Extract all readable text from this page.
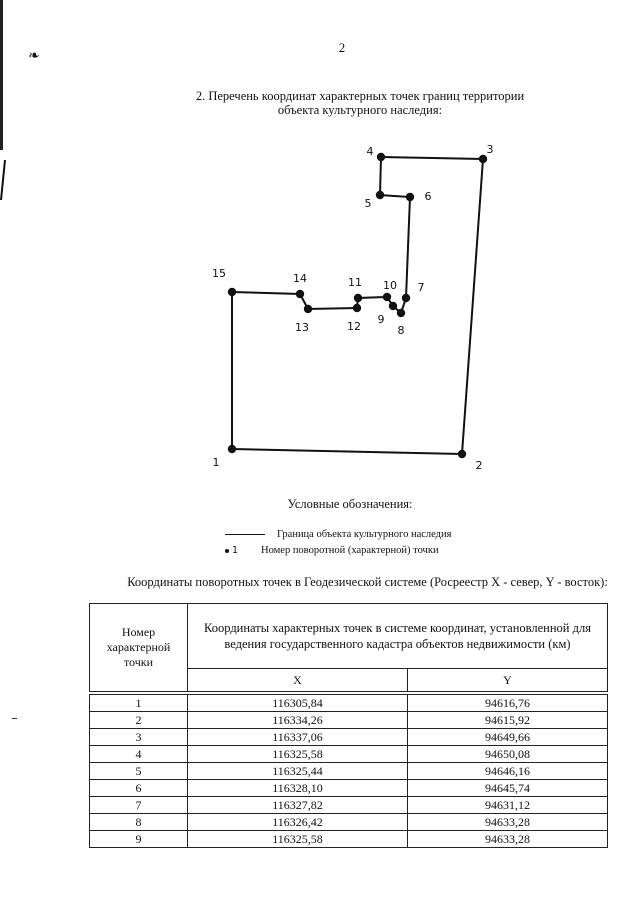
❧
2
2. Перечень координат характерных точек границ территории
объекта культурного наследия:
1	2
3
4
5
6
7
8
9
10
11
12
13
14
15
Условные обозначения:
Граница объекта культурного наследия
1 Номер поворотной (характерной) точки
Координаты поворотных точек в Геодезической системе (Росреестр X - север, Y - восток):
Номер характерной точки	Координаты характерных точек в системе координат, установленной для ведения государственного кадастра объектов недвижимости (км)	
	X	Y

1	116305,84	94616,76
2	116334,26	94615,92
3	116337,06	94649,66
4	116325,58	94650,08
5	116325,44	94646,16
6	116328,10	94645,74
7	116327,82	94631,12
8	116326,42	94633,28
9	116325,58	94633,28
